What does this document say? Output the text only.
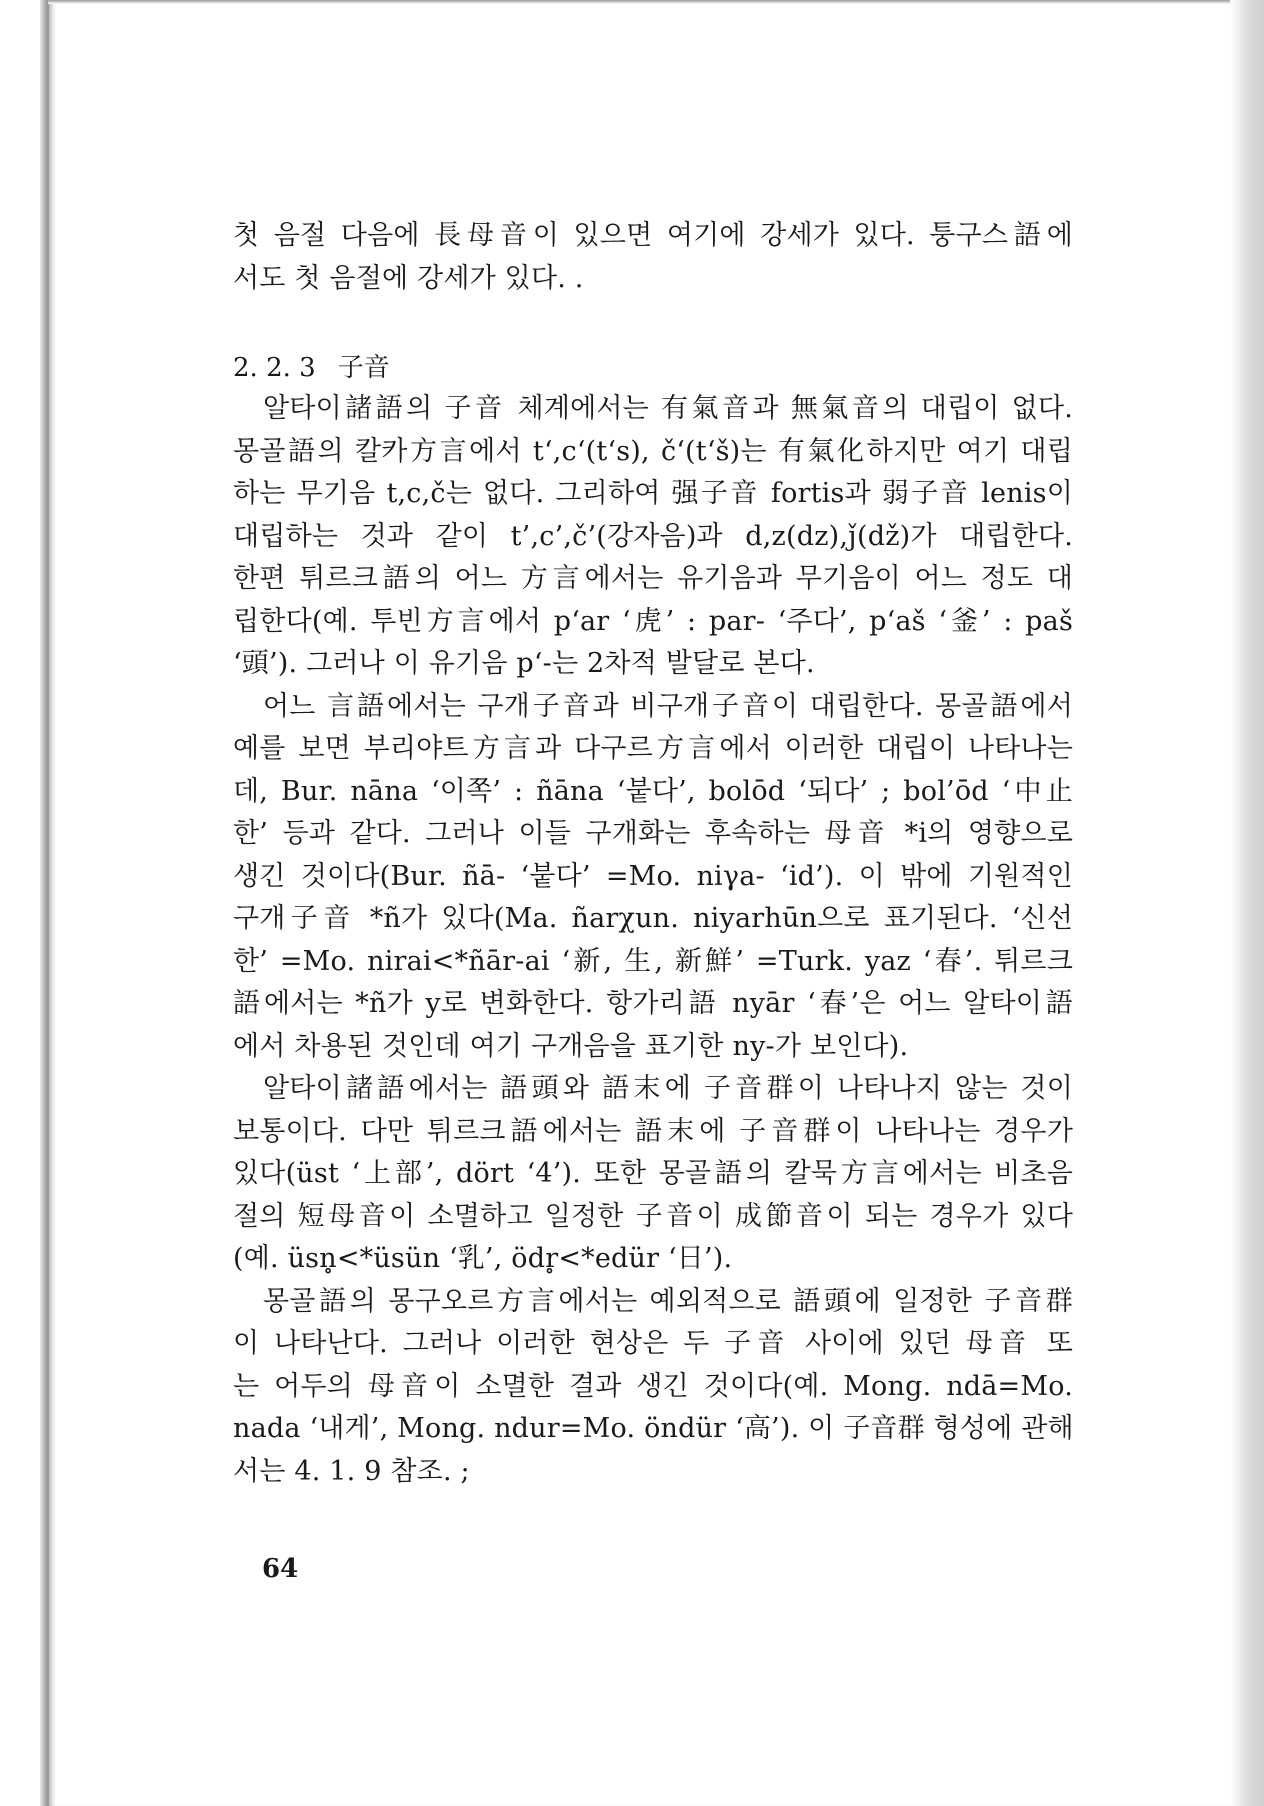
첫 음절 다음에 長母音이 있으면 여기에 강세가 있다. 퉁구스語에
서도 첫 음절에 강세가 있다. .
2. 2. 3 子音
알타이諸語의 子音 체계에서는 有氣音과 無氣音의 대립이 없다.
몽골語의 칼카方言에서 t‘,c‘(t‘s), č‘(t‘š)는 有氣化하지만 여기 대립
하는 무기음 t,c,č는 없다. 그리하여 强子音 fortis과 弱子音 lenis이
대립하는 것과 같이 t’,c’,č’(강자음)과 d,z(dz),ǰ(dž)가 대립한다.
한편 튀르크語의 어느 方言에서는 유기음과 무기음이 어느 정도 대
립한다(예. 투빈方言에서 p‘ar ‘虎’ : par- ‘주다’, p‘aš ‘釜’ : paš
‘頭’). 그러나 이 유기음 p‘-는 2차적 발달로 본다.
어느 言語에서는 구개子音과 비구개子音이 대립한다. 몽골語에서
예를 보면 부리야트方言과 다구르方言에서 이러한 대립이 나타나는
데, Bur. nāna ‘이쪽’ : ñāna ‘붙다’, bolōd ‘되다’ ; bol’ōd ‘中止
한’ 등과 같다. 그러나 이들 구개화는 후속하는 母音 *i의 영향으로
생긴 것이다(Bur. ñā- ‘붙다’ =Mo. niγa- ‘id’). 이 밖에 기원적인
구개子音 *ñ가 있다(Ma. ñarχun. niyarhūn으로 표기된다. ‘신선
한’ =Mo. nirai<*ñār-ai ‘新, 生, 新鮮’ =Turk. yaz ‘春’. 튀르크
語에서는 *ñ가 y로 변화한다. 항가리語 nyār ‘春’은 어느 알타이語
에서 차용된 것인데 여기 구개음을 표기한 ny-가 보인다).
알타이諸語에서는 語頭와 語末에 子音群이 나타나지 않는 것이
보통이다. 다만 튀르크語에서는 語末에 子音群이 나타나는 경우가
있다(üst ‘上部’, dört ‘4’). 또한 몽골語의 칼묵方言에서는 비초음
절의 短母音이 소멸하고 일정한 子音이 成節音이 되는 경우가 있다
(예. üsn̥<*üsün ‘乳’, ödr̥<*edür ‘日’).
몽골語의 몽구오르方言에서는 예외적으로 語頭에 일정한 子音群
이 나타난다. 그러나 이러한 현상은 두 子音 사이에 있던 母音 또
는 어두의 母音이 소멸한 결과 생긴 것이다(예. Mong. ndā=Mo.
nada ‘내게’, Mong. ndur=Mo. öndür ‘高’). 이 子音群 형성에 관해
서는 4. 1. 9 참조. ;
64
